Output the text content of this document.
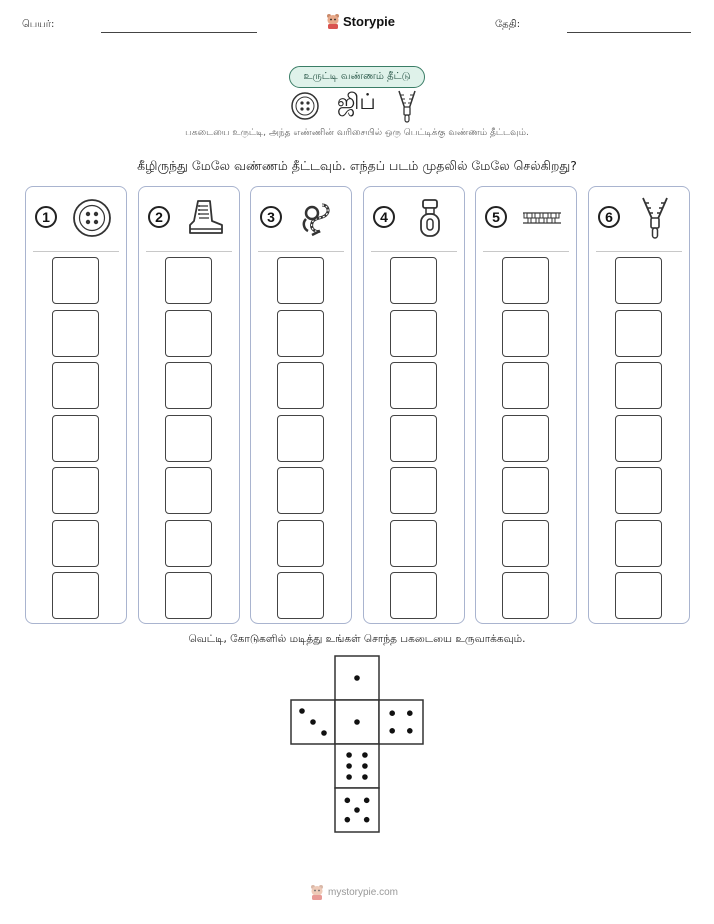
பெயர்:	Storypie	தேதி:
உருட்டி வண்ணம் தீட்டு
ஜிப்
பகடையை உருட்டி, அந்த எண்ணின் வரிசையில் ஒரு பெட்டிக்கு வண்ணம் தீட்டவும்.
கீழிருந்து மேலே வண்ணம் தீட்டவும். எந்தப் படம் முதலில் மேலே செல்கிறது?
1	2	3	4	5	6
வெட்டி, கோடுகளில் மடித்து உங்கள் சொந்த பகடையை உருவாக்கவும்.
mystorypie.com
